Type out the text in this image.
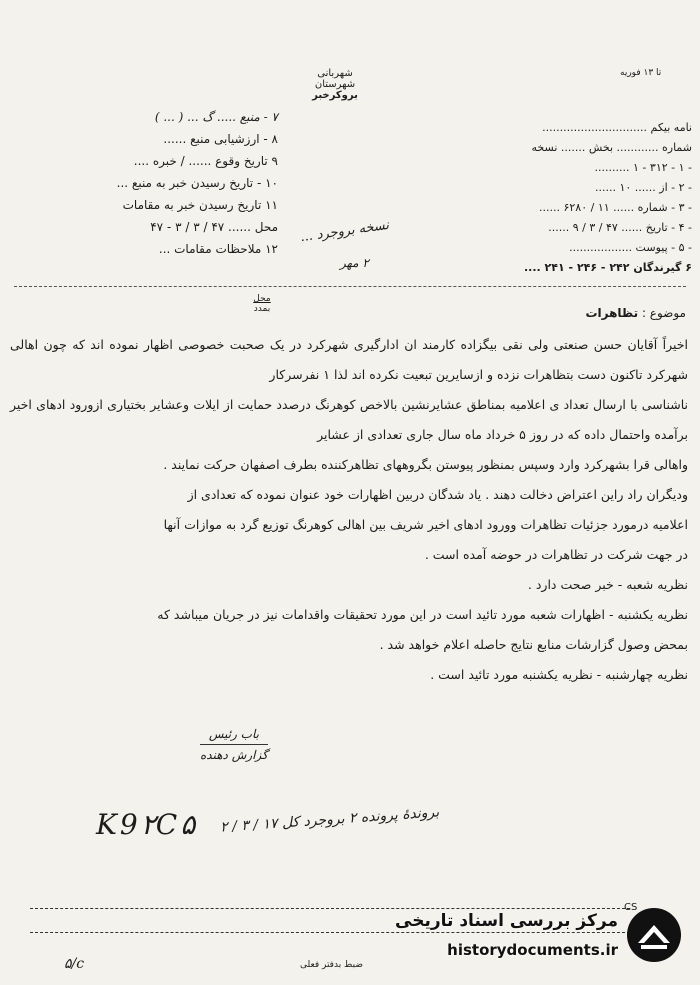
تا ۱۳ فوریه
شهربانی شهرستان
بروکرخبر
نامه بیکم ..............................
شماره ............ بخش ....... نسخه
- ۱ - ۳۱۲ - ۱ ..........
- ۲ - از ...... ۱۰ ......
- ۳ - شماره ...... ۱۱ / ۶۲۸۰ ......
- ۴ - تاریخ ...... ۴۷ / ۳ / ۹ ......
- ۵ - پیوست ..................
۶ گیرندگان ۲۴۲ - ۲۴۶ - ۲۴۱ ....
۷ - منبع ..... گ ... ( ... )
۸ - ارزشیابی منبع ......
۹ تاریخ وقوع ...... / خبره ....
۱۰ - تاریخ رسیدن خبر به منبع ...
۱۱ تاریخ رسیدن خبر به مقامات
محل ...... ۴۷ / ۳ / ۳ - ۴۷
۱۲ ملاحظات مقامات ...
نسخه بروجرد ...
۲ مهر
محل
بمدد	موضوع : تظاهرات

اخیراً آقایان حسن صنعتی ولی نقی بیگزاده کارمند ان ادارگیری شهرکرد در یک صحبت خصوصی اظهار نموده اند که چون اهالی شهرکرد تاکنون دست بتظاهرات نزده و ازسایرین تبعیت نکرده اند لذا ۱ نفرسرکار

ناشناسی با ارسال تعداد ی اعلامیه بمناطق عشایرنشین بالاخص کوهرنگ درصدد حمایت از ایلات وعشایر بختیاری ازورود ادهای اخیر برآمده واحتمال داده که در روز ۵ خرداد ماه سال جاری تعدادی از عشایر

واهالی قرا بشهرکرد وارد وسپس بمنظور پیوستن بگروههای تظاهرکننده بطرف اصفهان حرکت نمایند .

ودیگران راد راین اعتراض دخالت دهند . یاد شدگان دربین اظهارات خود عنوان نموده که تعدادی از

اعلامیه درمورد جزئیات تظاهرات وورود ادهای اخیر شریف بین اهالی کوهرنگ توزیع گرد به موازات آنها

در جهت شرکت در تظاهرات در حوضه آمده است .

نظریه شعبه - خبر صحت دارد .

نظریه یکشنبه - اظهارات شعبه مورد تائید است در این مورد تحقیقات واقدامات نیز در جریان میباشد که

بمحض وصول گزارشات منابع نتایج حاصله اعلام خواهد شد .

نظریه چهارشنبه - نظریه یکشنبه مورد تائید است .

باب رئیس
گزارش دهنده
K9۲C۵ بروندهٔ پرونده ۲ بروجرد کل ۱۷ / ۳ / ۲
CS
ضبط بدفتر فعلی
۵/c
مرکز بررسی اسناد تاریخی
historydocuments.ir
